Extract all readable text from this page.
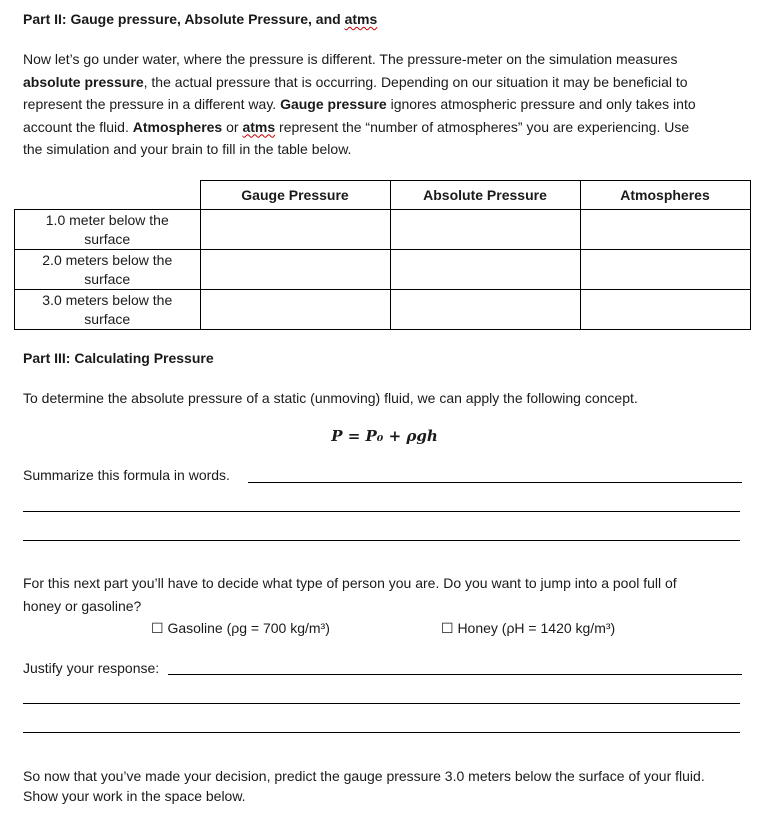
Part II: Gauge pressure, Absolute Pressure, and atms
Now let’s go under water, where the pressure is different. The pressure-meter on the simulation measures
absolute pressure, the actual pressure that is occurring. Depending on our situation it may be beneficial to
represent the pressure in a different way. Gauge pressure ignores atmospheric pressure and only takes into
account the fluid. Atmospheres or atms represent the “number of atmospheres” you are experiencing. Use
the simulation and your brain to fill in the table below.
	Gauge Pressure	Absolute Pressure	Atmospheres

1.0 meter below the
surface			

2.0 meters below the
surface			

3.0 meters below the
surface			

Part III: Calculating Pressure
To determine the absolute pressure of a static (unmoving) fluid, we can apply the following concept.
P = P₀ + ρgh
Summarize this formula in words.
For this next part you’ll have to decide what type of person you are. Do you want to jump into a pool full of
honey or gasoline?
☐ Gasoline (ρg = 700 kg/m³)	☐ Honey (ρH = 1420 kg/m³)
Justify your response:
So now that you’ve made your decision, predict the gauge pressure 3.0 meters below the surface of your fluid.
Show your work in the space below.
